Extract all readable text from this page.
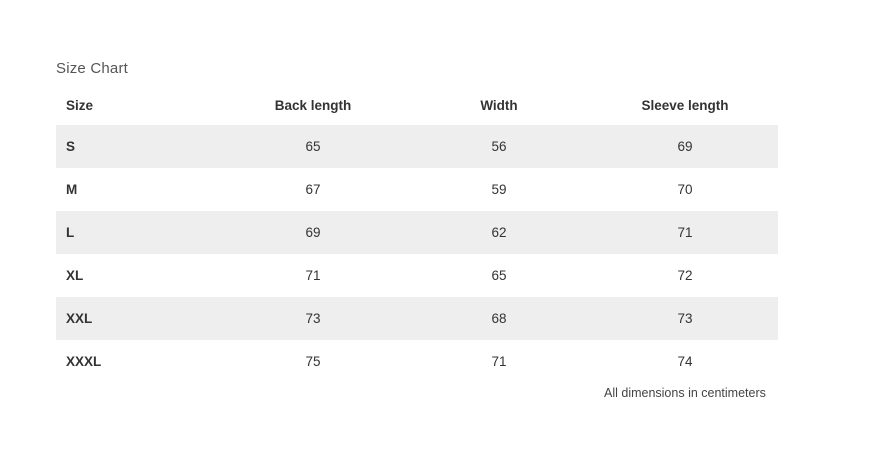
Size Chart
Size	Back length	Width	Sleeve length
S	65	56	69
M	67	59	70
L	69	62	71
XL	71	65	72
XXL	73	68	73
XXXL	75	71	74
All dimensions in centimeters
